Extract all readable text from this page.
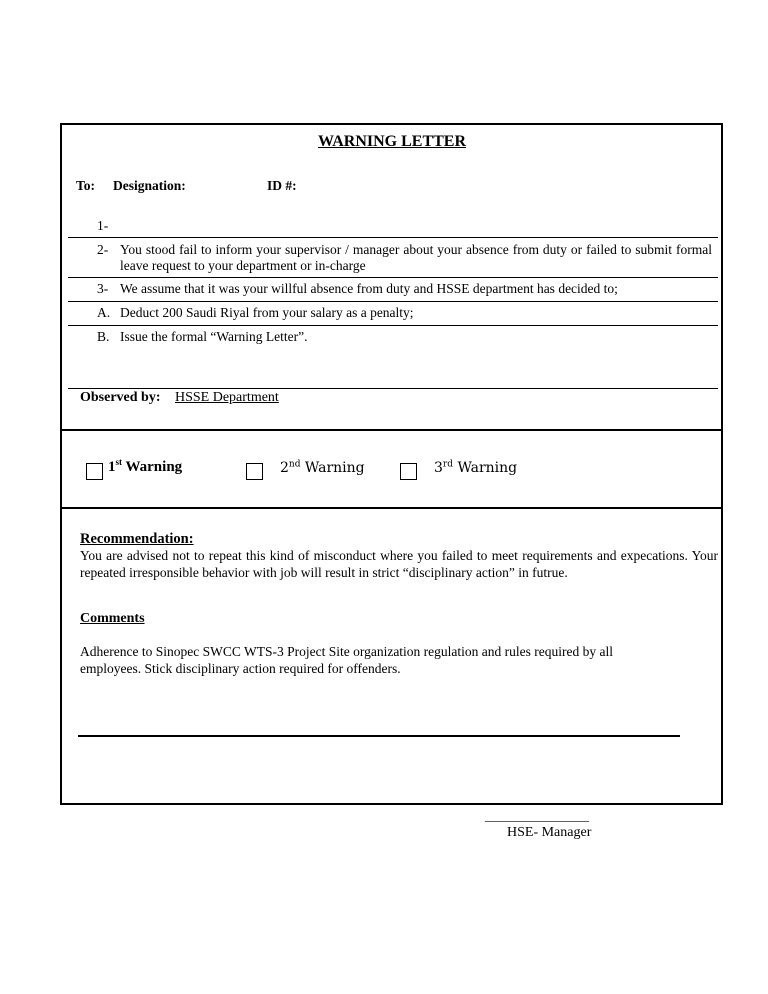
WARNING LETTER
To: Designation:	ID #:
1-
2- You stood fail to inform your supervisor / manager about your absence from duty or failed to submit formal leave request to your department or in-charge
3- We assume that it was your willful absence from duty and HSSE department has decided to;
A. Deduct 200 Saudi Riyal from your salary as a penalty;
B. Issue the formal “Warning Letter”.
Observed by: HSSE Department
1st Warning	2nd Warning	3rd Warning
Recommendation:
You are advised not to repeat this kind of misconduct where you failed to meet requirements and expecations. Your repeated irresponsible behavior with job will result in strict “disciplinary action” in futrue.
Comments
Adherence to Sinopec SWCC WTS-3 Project Site organization regulation and rules required by all employees. Stick disciplinary action required for offenders.
________________
HSE- Manager
